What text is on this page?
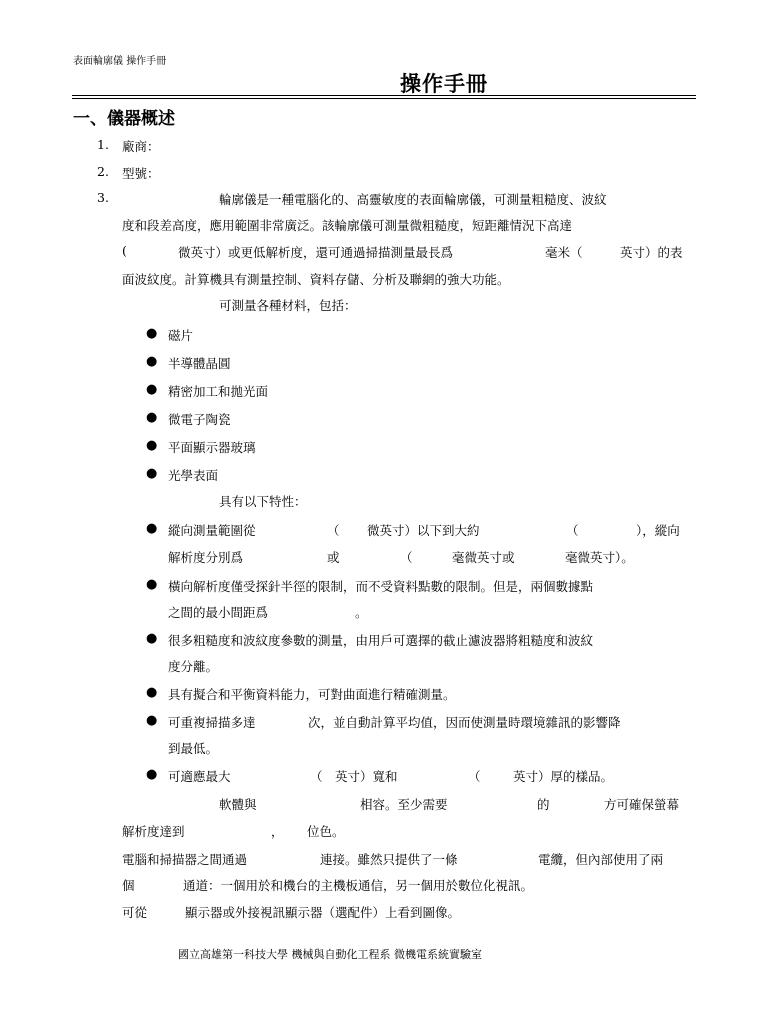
表面輪廓儀 操作手冊
操作手冊
一、儀器概述
1. 廠商：
2. 型號：
3.	輪廓儀是一種電腦化的、高靈敏度的表面輪廓儀，可測量粗糙度、波紋
度和段差高度，應用範圍非常廣泛。該輪廓儀可測量微粗糙度，短距離情況下高達
(	微英寸）或更低解析度，還可通過掃描測量最長爲	毫米（	英寸）的表
面波紋度。計算機具有測量控制、資料存儲、分析及聯網的強大功能。
可測量各種材料，包括：
● 磁片
● 半導體晶圓
● 精密加工和拋光面
● 微電子陶瓷
● 平面顯示器玻璃
● 光學表面
具有以下特性：
● 縱向測量範圍從	（ 微英寸）以下到大約	（	），縱向
解析度分別爲	或	（	毫微英寸或	毫微英寸）。
● 橫向解析度僅受探針半徑的限制，而不受資料點數的限制。但是，兩個數據點
之間的最小間距爲	。
● 很多粗糙度和波紋度參數的測量，由用戶可選擇的截止濾波器將粗糙度和波紋
度分離。
● 具有擬合和平衡資料能力，可對曲面進行精確測量。
● 可重複掃描多達	次，並自動計算平均值，因而使測量時環境雜訊的影響降
到最低。
● 可適應最大	（ 英寸）寬和	（	英寸）厚的樣品。
軟體與	相容。至少需要	的	方可確保螢幕
解析度達到	， 位色。
電腦和掃描器之間通過	連接。雖然只提供了一條	電纜，但內部使用了兩
個	通道：一個用於和機台的主機板通信，另一個用於數位化視訊。
可從	顯示器或外接視訊顯示器（選配件）上看到圖像。
國立高雄第一科技大學 機械與自動化工程系 微機電系統實驗室
